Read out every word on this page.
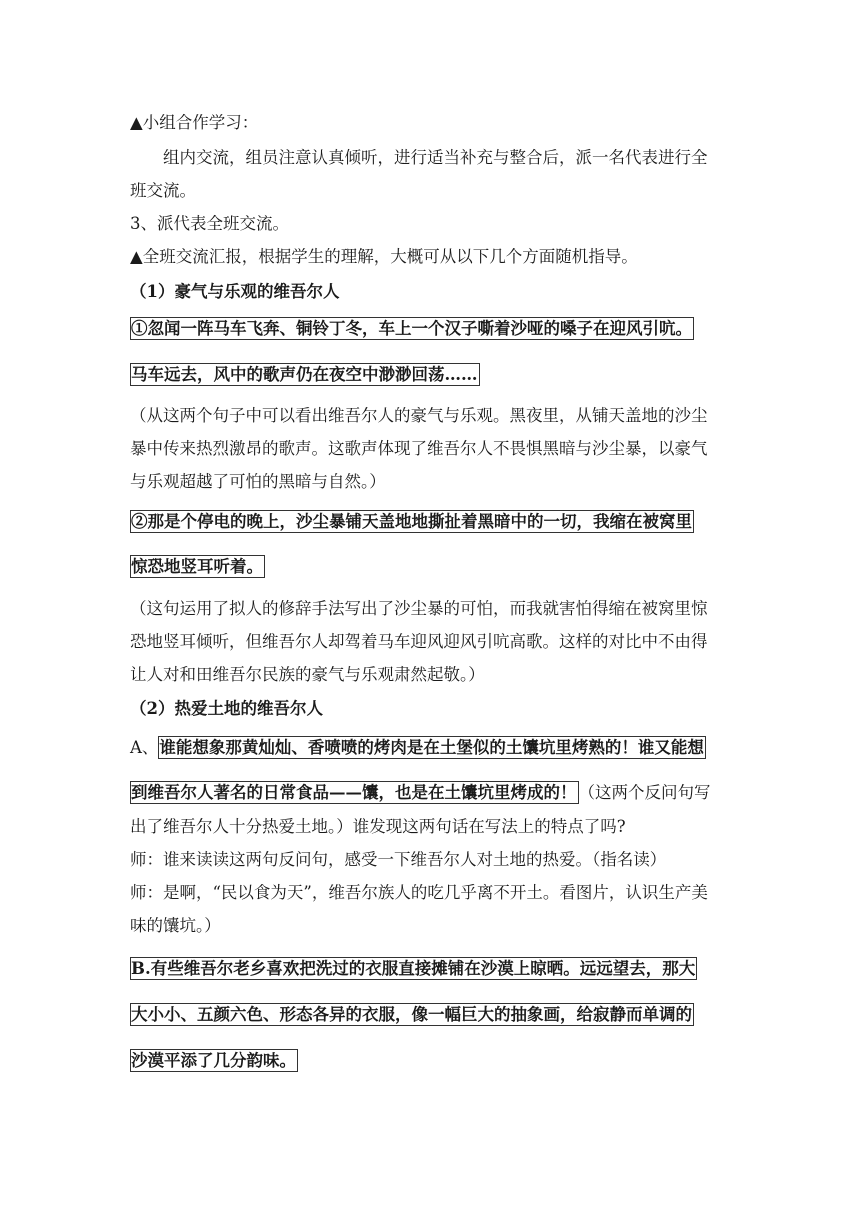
▲小组合作学习：
组内交流，组员注意认真倾听，进行适当补充与整合后，派一名代表进行全
班交流。
3、派代表全班交流。
▲全班交流汇报，根据学生的理解，大概可从以下几个方面随机指导。
（1）豪气与乐观的维吾尔人
①忽闻一阵马车飞奔、铜铃丁冬，车上一个汉子嘶着沙哑的嗓子在迎风引吭。
马车远去，风中的歌声仍在夜空中渺渺回荡……
（从这两个句子中可以看出维吾尔人的豪气与乐观。黑夜里，从铺天盖地的沙尘
暴中传来热烈激昂的歌声。这歌声体现了维吾尔人不畏惧黑暗与沙尘暴，以豪气
与乐观超越了可怕的黑暗与自然。）
②那是个停电的晚上，沙尘暴铺天盖地地撕扯着黑暗中的一切，我缩在被窝里
惊恐地竖耳听着。
（这句运用了拟人的修辞手法写出了沙尘暴的可怕，而我就害怕得缩在被窝里惊
恐地竖耳倾听，但维吾尔人却驾着马车迎风迎风引吭高歌。这样的对比中不由得
让人对和田维吾尔民族的豪气与乐观肃然起敬。）
（2）热爱土地的维吾尔人
A、谁能想象那黄灿灿、香喷喷的烤肉是在土堡似的土馕坑里烤熟的！谁又能想
到维吾尔人著名的日常食品——馕，也是在土馕坑里烤成的！ （这两个反问句写
出了维吾尔人十分热爱土地。）谁发现这两句话在写法上的特点了吗?
师：谁来读读这两句反问句，感受一下维吾尔人对土地的热爱。（指名读）
师：是啊，“民以食为天”，维吾尔族人的吃几乎离不开土。看图片，认识生产美
味的馕坑。）
B.有些维吾尔老乡喜欢把洗过的衣服直接摊铺在沙漠上晾晒。远远望去，那大
大小小、五颜六色、形态各异的衣服，像一幅巨大的抽象画，给寂静而单调的
沙漠平添了几分韵味。
